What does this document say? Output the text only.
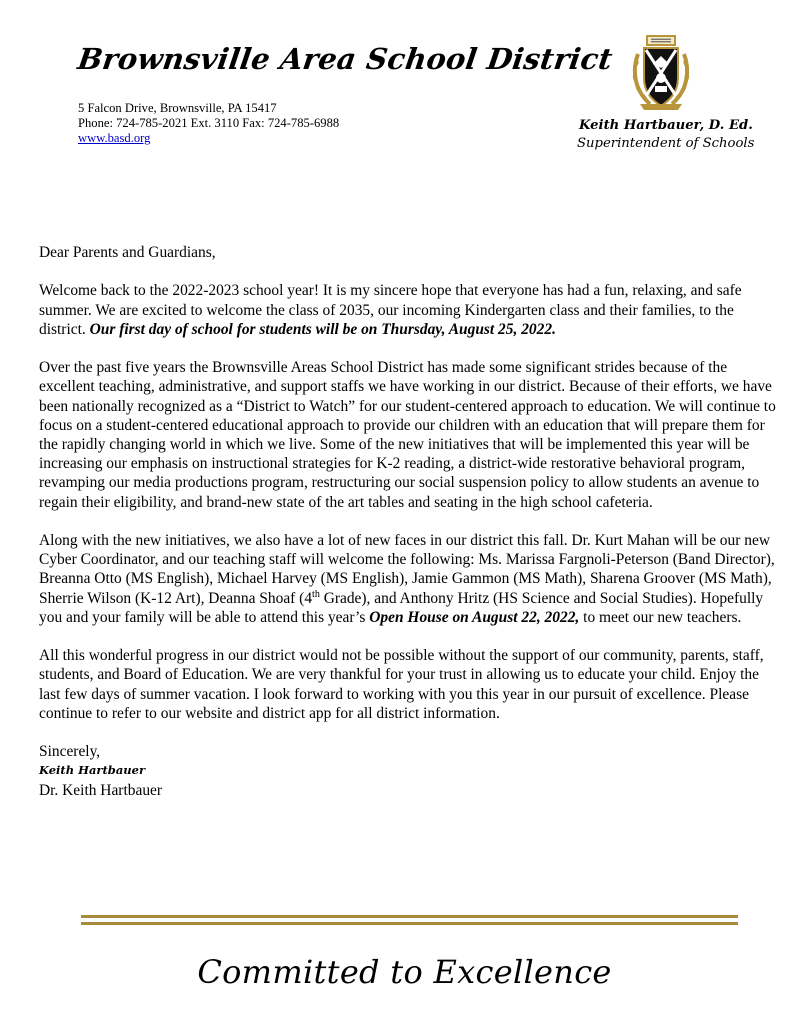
Brownsville Area School District
5 Falcon Drive, Brownsville, PA 15417
Phone: 724-785-2021 Ext. 3110 Fax: 724-785-6988
www.basd.org
Keith Hartbauer, D. Ed.
Superintendent of Schools

Dear Parents and Guardians,

Welcome back to the 2022-2023 school year! It is my sincere hope that everyone has had a fun, relaxing, and safe summer. We are excited to welcome the class of 2035, our incoming Kindergarten class and their families, to the district. Our first day of school for students will be on Thursday, August 25, 2022.

Over the past five years the Brownsville Areas School District has made some significant strides because of the excellent teaching, administrative, and support staffs we have working in our district. Because of their efforts, we have been nationally recognized as a “District to Watch” for our student-centered approach to education. We will continue to focus on a student-centered educational approach to provide our children with an education that will prepare them for the rapidly changing world in which we live. Some of the new initiatives that will be implemented this year will be increasing our emphasis on instructional strategies for K-2 reading, a district-wide restorative behavioral program, revamping our media productions program, restructuring our social suspension policy to allow students an avenue to regain their eligibility, and brand-new state of the art tables and seating in the high school cafeteria.

Along with the new initiatives, we also have a lot of new faces in our district this fall. Dr. Kurt Mahan will be our new Cyber Coordinator, and our teaching staff will welcome the following: Ms. Marissa Fargnoli-Peterson (Band Director), Breanna Otto (MS English), Michael Harvey (MS English), Jamie Gammon (MS Math), Sharena Groover (MS Math), Sherrie Wilson (K-12 Art), Deanna Shoaf (4th Grade), and Anthony Hritz (HS Science and Social Studies). Hopefully you and your family will be able to attend this year’s Open House on August 22, 2022, to meet our new teachers.

All this wonderful progress in our district would not be possible without the support of our community, parents, staff, students, and Board of Education. We are very thankful for your trust in allowing us to educate your child. Enjoy the last few days of summer vacation. I look forward to working with you this year in our pursuit of excellence. Please continue to refer to our website and district app for all district information.

Sincerely,
Keith Hartbauer
Dr. Keith Hartbauer
Committed to Excellence
